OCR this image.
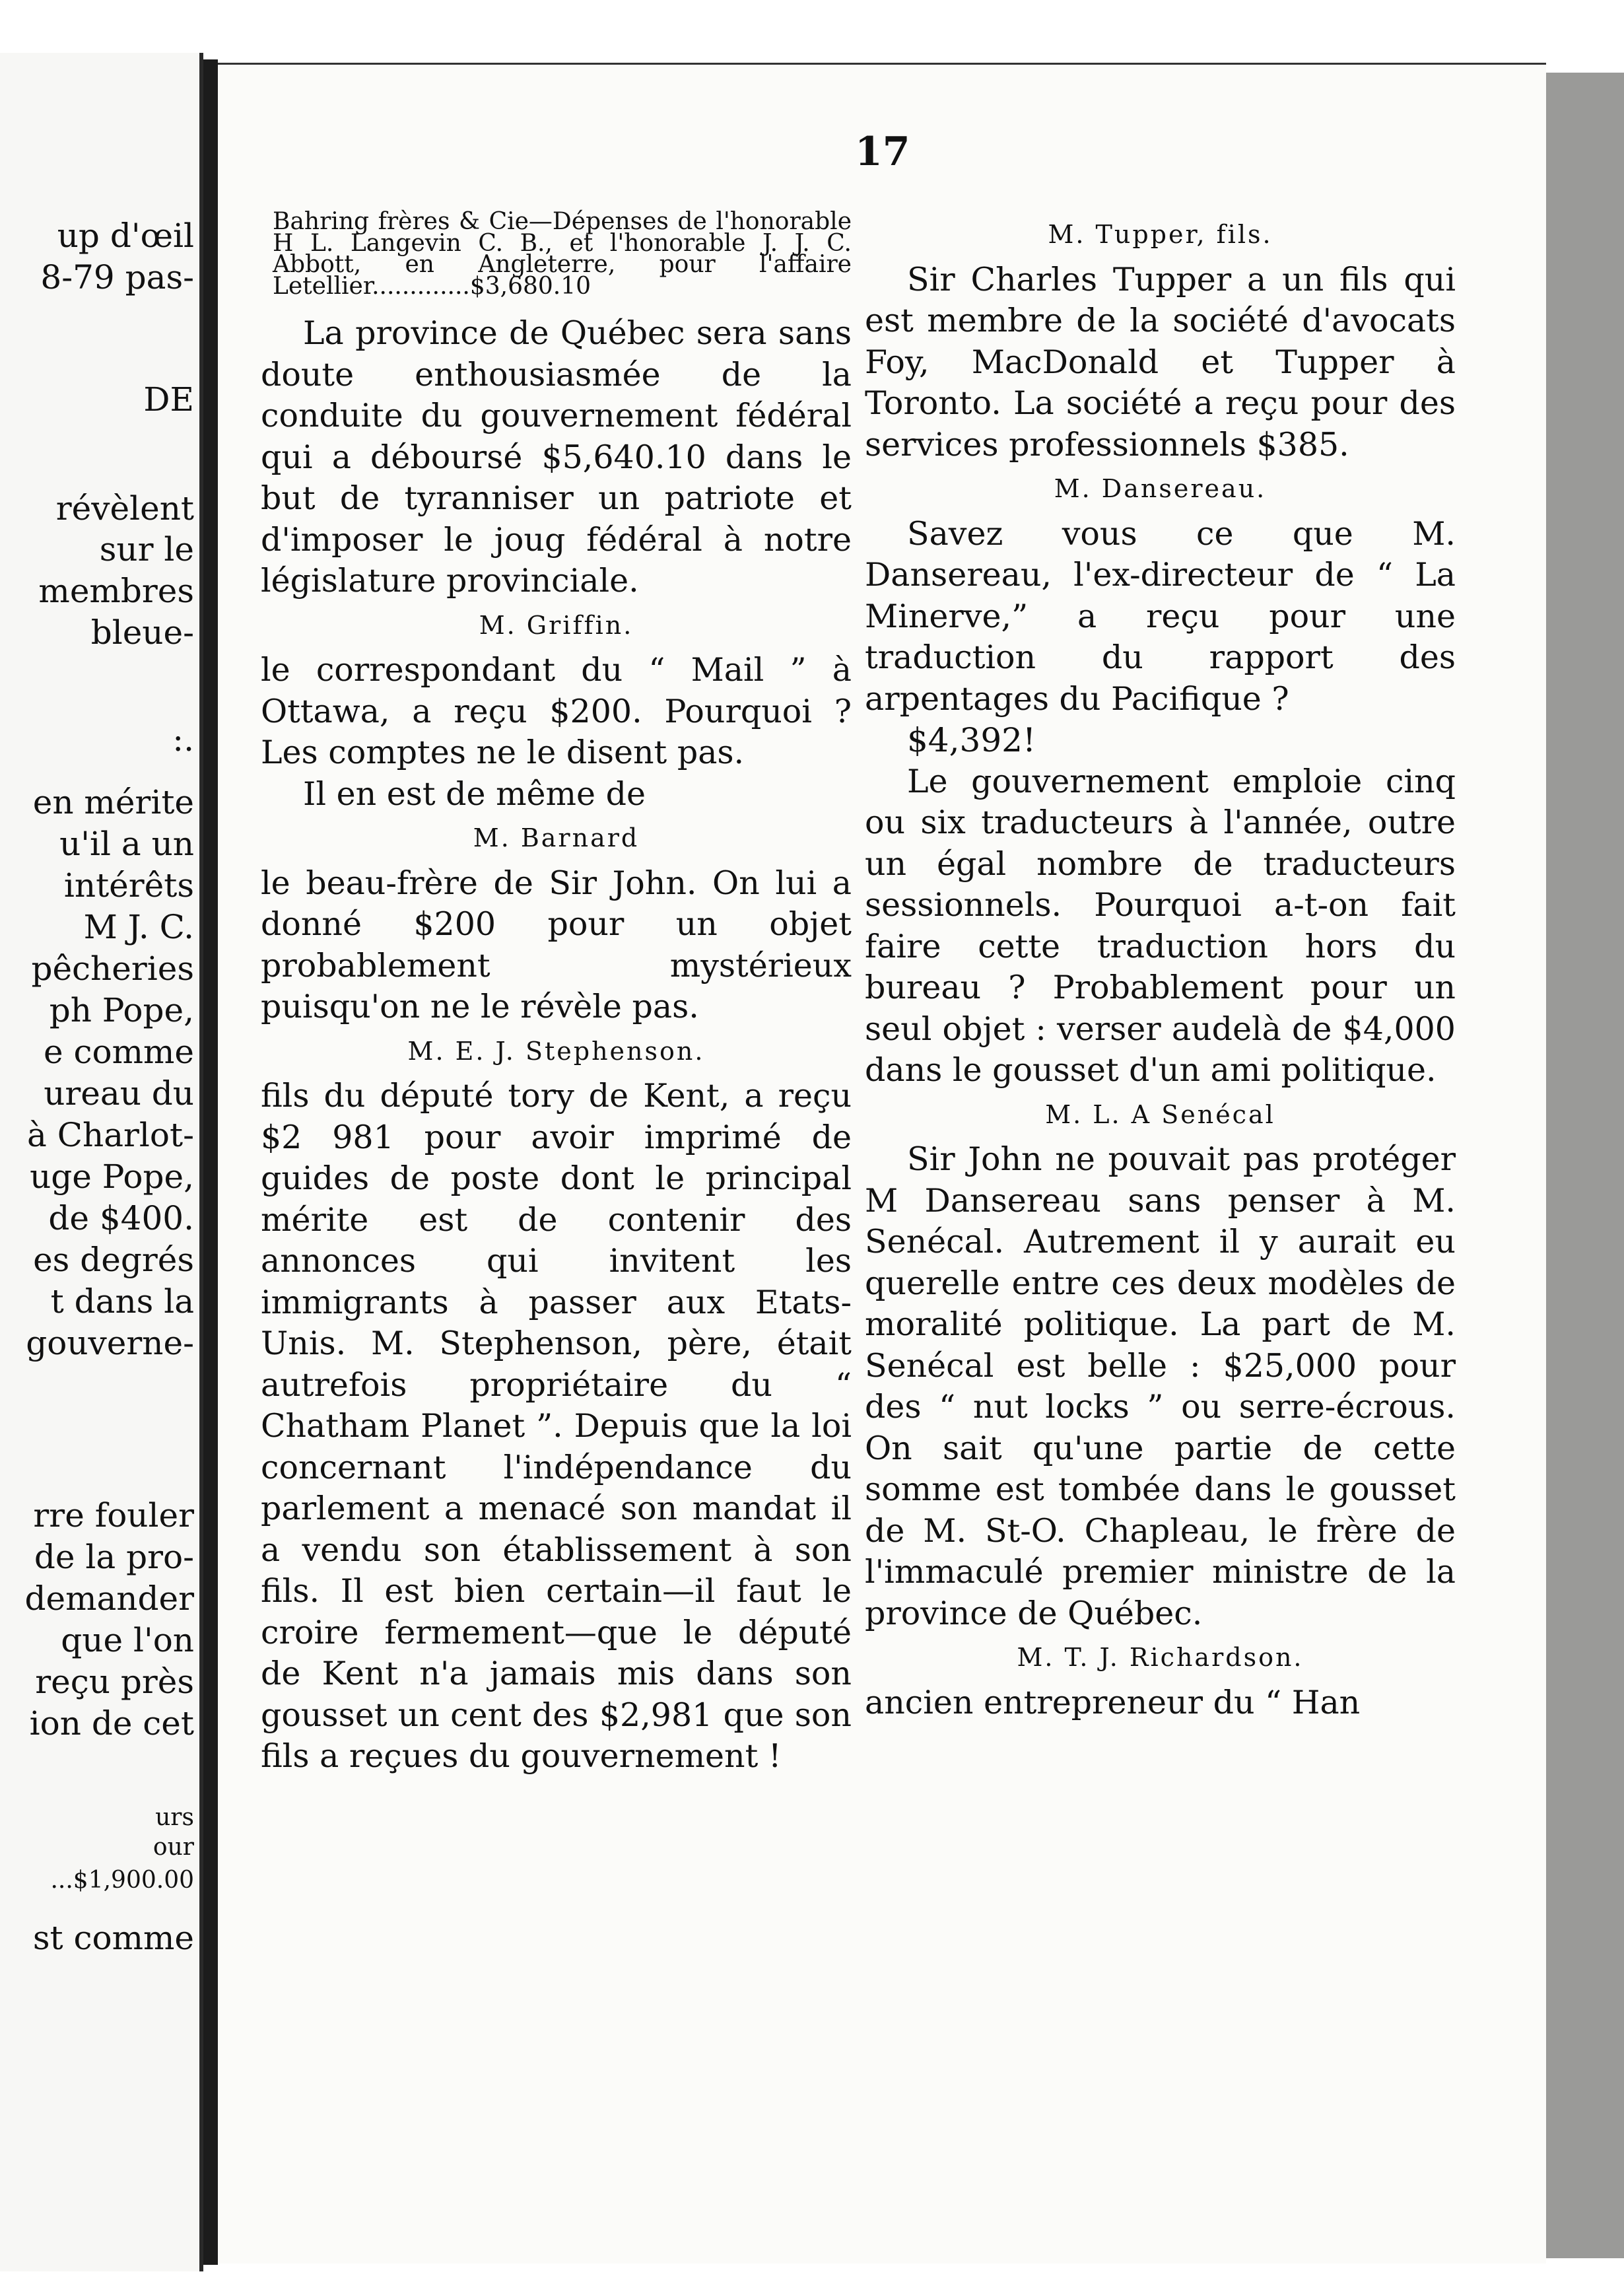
up d'œil
8-79 pas-
DE
révèlent
sur le
membres
bleue-
:.
en mérite
u'il a un
intérêts
M J. C.
pêcheries
ph Pope,
e comme
ureau du
à Charlot-
uge Pope,
de $400.
es degrés
t dans la
gouverne-
rre fouler
de la pro-
demander
que l'on
reçu près
ion de cet
urs
our
...$1,900.00
st comme
17

Bahring frères & Cie—Dépenses de l'honorable H L. Langevin C. B., et l'honorable J. J. C. Abbott, en Angleterre, pour l'affaire Letellier.............$3,680.10

La province de Québec sera sans doute enthousiasmée de la conduite du gouvernement fédéral qui a déboursé $5,640.10 dans le but de tyranniser un patriote et d'imposer le joug fédéral à notre législature provinciale.

M. Griffin.

le correspondant du “ Mail ” à Ottawa, a reçu $200. Pourquoi ? Les comptes ne le disent pas.

Il en est de même de

M. Barnard

le beau-frère de Sir John. On lui a donné $200 pour un objet probablement mystérieux puisqu'on ne le révèle pas.

M. E. J. Stephenson.

fils du député tory de Kent, a reçu $2 981 pour avoir imprimé de guides de poste dont le principal mérite est de contenir des annonces qui invitent les immigrants à passer aux Etats-Unis. M. Stephenson, père, était autrefois propriétaire du “ Chatham Planet ”. Depuis que la loi concernant l'indépendance du parlement a menacé son mandat il a vendu son établissement à son fils. Il est bien certain—il faut le croire fermement—que le député de Kent n'a jamais mis dans son gousset un cent des $2,981 que son fils a reçues du gouvernement !

M. Tupper, fils.

Sir Charles Tupper a un fils qui est membre de la société d'avocats Foy, MacDonald et Tupper à Toronto. La société a reçu pour des services professionnels $385.

M. Dansereau.

Savez vous ce que M. Dansereau, l'ex-directeur de “ La Minerve,” a reçu pour une traduction du rapport des arpentages du Pacifique ?

$4,392!

Le gouvernement emploie cinq ou six traducteurs à l'année, outre un égal nombre de traducteurs sessionnels. Pourquoi a-t-on fait faire cette traduction hors du bureau ? Probablement pour un seul objet : verser audelà de $4,000 dans le gousset d'un ami politique.

M. L. A Senécal

Sir John ne pouvait pas protéger M Dansereau sans penser à M. Senécal. Autrement il y aurait eu querelle entre ces deux modèles de moralité politique. La part de M. Senécal est belle : $25,000 pour des “ nut locks ” ou serre-écrous. On sait qu'une partie de cette somme est tombée dans le gousset de M. St-O. Chapleau, le frère de l'immaculé premier ministre de la province de Québec.

M. T. J. Richardson.

ancien entrepreneur du “ Han
